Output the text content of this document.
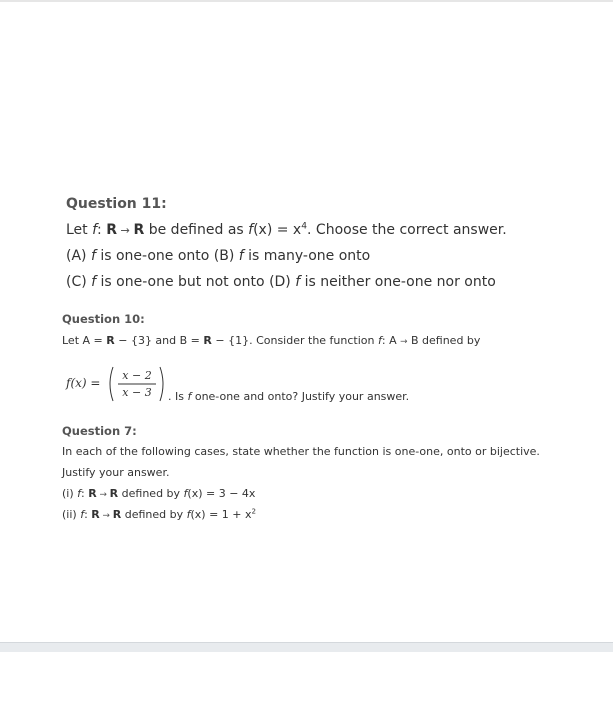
Question 11:
Let f: R → R be defined as $f(x) = x^4$. Choose the correct answer.
(A) f is one-one onto (B) f is many-one onto
(C) f is one-one but not onto (D) f is neither one-one nor onto
Question 10:
Let A = R − {3} and B = R − {1}. Consider the function f: A → B defined by
f(x) =
x − 2
x − 3 . Is f one-one and onto? Justify your answer.
Question 7:
In each of the following cases, state whether the function is one-one, onto or bijective.
Justify your answer.
(i) f: R → R defined by f(x) = 3 − 4x
(ii) f: R → R defined by $f(x) = 1 + x^2$
